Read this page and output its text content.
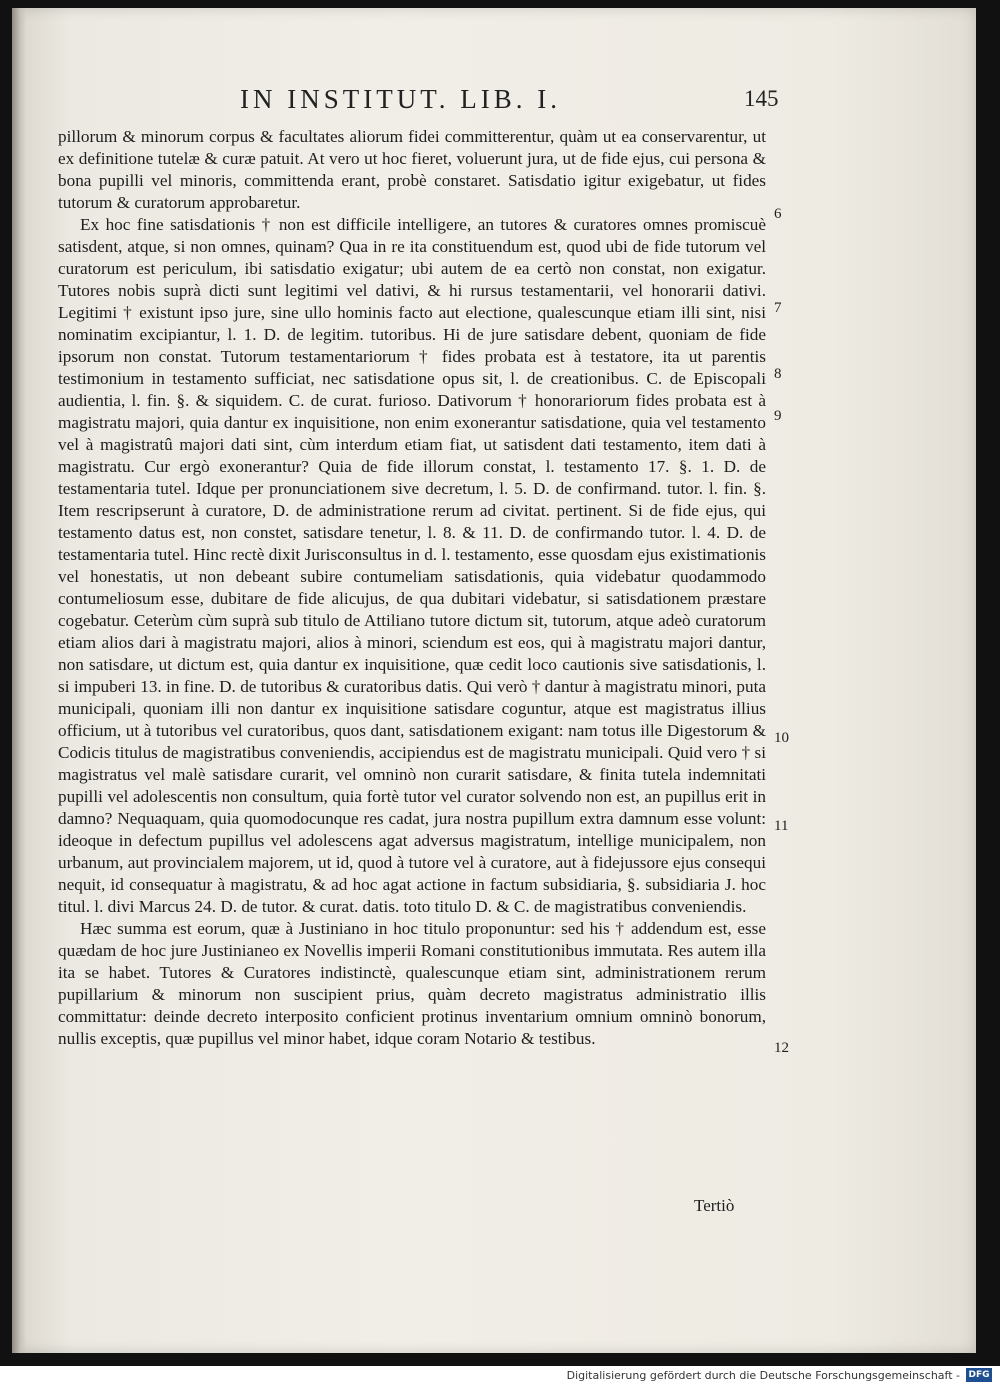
IN INSTITUT. LIB. I.	145

pillorum & minorum corpus & facultates aliorum fidei committerentur, quàm ut ea conservarentur, ut ex definitione tutelæ & curæ patuit. At vero ut hoc fieret, voluerunt jura, ut de fide ejus, cui persona & bona pupilli vel minoris, committenda erant, probè constaret. Satisdatio igitur exigebatur, ut fides tutorum & curatorum approbaretur.

Ex hoc fine satisdationis † non est difficile intelligere, an tutores & curatores omnes promiscuè satisdent, atque, si non omnes, quinam? Qua in re ita constituendum est, quod ubi de fide tutorum vel curatorum est periculum, ibi satisdatio exigatur; ubi autem de ea certò non constat, non exigatur. Tutores nobis suprà dicti sunt legitimi vel dativi, & hi rursus testamentarii, vel honorarii dativi. Legitimi † existunt ipso jure, sine ullo hominis facto aut electione, qualescunque etiam illi sint, nisi nominatim excipiantur, l. 1. D. de legitim. tutoribus. Hi de jure satisdare debent, quoniam de fide ipsorum non constat. Tutorum testamentariorum † fides probata est à testatore, ita ut parentis testimonium in testamento sufficiat, nec satisdatione opus sit, l. de creationibus. C. de Episcopali audientia, l. fin. §. & siquidem. C. de curat. furioso. Dativorum † honorariorum fides probata est à magistratu majori, quia dantur ex inquisitione, non enim exonerantur satisdatione, quia vel testamento vel à magistratû majori dati sint, cùm interdum etiam fiat, ut satisdent dati testamento, item dati à magistratu. Cur ergò exonerantur? Quia de fide illorum constat, l. testamento 17. §. 1. D. de testamentaria tutel. Idque per pronunciationem sive decretum, l. 5. D. de confirmand. tutor. l. fin. §. Item rescripserunt à curatore, D. de administratione rerum ad civitat. pertinent. Si de fide ejus, qui testamento datus est, non constet, satisdare tenetur, l. 8. & 11. D. de confirmando tutor. l. 4. D. de testamentaria tutel. Hinc rectè dixit Jurisconsultus in d. l. testamento, esse quosdam ejus existimationis vel honestatis, ut non debeant subire contumeliam satisdationis, quia videbatur quodammodo contumeliosum esse, dubitare de fide alicujus, de qua dubitari videbatur, si satisdationem præstare cogebatur. Ceterùm cùm suprà sub titulo de Attiliano tutore dictum sit, tutorum, atque adeò curatorum etiam alios dari à magistratu majori, alios à minori, sciendum est eos, qui à magistratu majori dantur, non satisdare, ut dictum est, quia dantur ex inquisitione, quæ cedit loco cautionis sive satisdationis, l. si impuberi 13. in fine. D. de tutoribus & curatoribus datis. Qui verò † dantur à magistratu minori, puta municipali, quoniam illi non dantur ex inquisitione satisdare coguntur, atque est magistratus illius officium, ut à tutoribus vel curatoribus, quos dant, satisdationem exigant: nam totus ille Digestorum & Codicis titulus de magistratibus conveniendis, accipiendus est de magistratu municipali. Quid vero † si magistratus vel malè satisdare curarit, vel omninò non curarit satisdare, & finita tutela indemnitati pupilli vel adolescentis non consultum, quia fortè tutor vel curator solvendo non est, an pupillus erit in damno? Nequaquam, quia quomodocunque res cadat, jura nostra pupillum extra damnum esse volunt: ideoque in defectum pupillus vel adolescens agat adversus magistratum, intellige municipalem, non urbanum, aut provincialem majorem, ut id, quod à tutore vel à curatore, aut à fidejussore ejus consequi nequit, id consequatur à magistratu, & ad hoc agat actione in factum subsidiaria, §. subsidiaria J. hoc titul. l. divi Marcus 24. D. de tutor. & curat. datis. toto titulo D. & C. de magistratibus conveniendis.

Hæc summa est eorum, quæ à Justiniano in hoc titulo proponuntur: sed his † addendum est, esse quædam de hoc jure Justinianeo ex Novellis imperii Romani constitutionibus immutata. Res autem illa ita se habet. Tutores & Curatores indistinctè, qualescunque etiam sint, administrationem rerum pupillarium & minorum non suscipient prius, quàm decreto magistratus administratio illis committatur: deinde decreto interposito conficient protinus inventarium omnium omninò bonorum, nullis exceptis, quæ pupillus vel minor habet, idque coram Notario & testibus.

6
7
8
9
10
11
12
Tertiò
Digitalisierung gefördert durch die Deutsche Forschungsgemeinschaft - DFG
